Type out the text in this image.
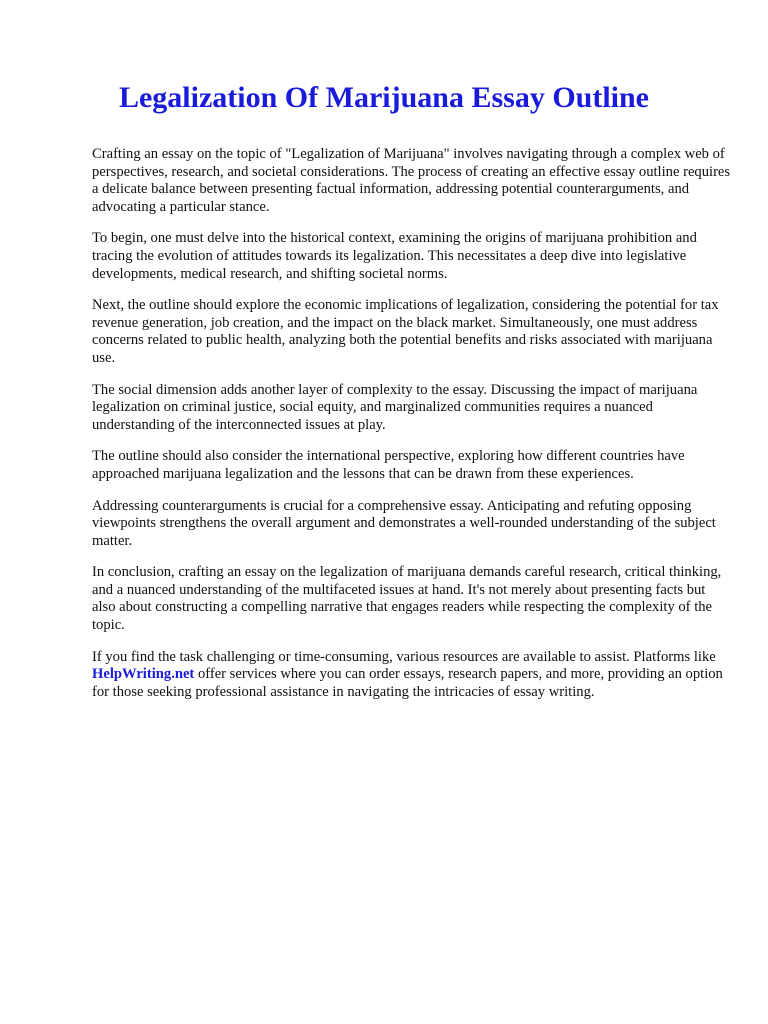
Legalization Of Marijuana Essay Outline

Crafting an essay on the topic of "Legalization of Marijuana" involves navigating through a complex web of perspectives, research, and societal considerations. The process of creating an effective essay outline requires a delicate balance between presenting factual information, addressing potential counterarguments, and advocating a particular stance.

To begin, one must delve into the historical context, examining the origins of marijuana prohibition and tracing the evolution of attitudes towards its legalization. This necessitates a deep dive into legislative developments, medical research, and shifting societal norms.

Next, the outline should explore the economic implications of legalization, considering the potential for tax revenue generation, job creation, and the impact on the black market. Simultaneously, one must address concerns related to public health, analyzing both the potential benefits and risks associated with marijuana use.

The social dimension adds another layer of complexity to the essay. Discussing the impact of marijuana legalization on criminal justice, social equity, and marginalized communities requires a nuanced understanding of the interconnected issues at play.

The outline should also consider the international perspective, exploring how different countries have approached marijuana legalization and the lessons that can be drawn from these experiences.

Addressing counterarguments is crucial for a comprehensive essay. Anticipating and refuting opposing viewpoints strengthens the overall argument and demonstrates a well-rounded understanding of the subject matter.

In conclusion, crafting an essay on the legalization of marijuana demands careful research, critical thinking, and a nuanced understanding of the multifaceted issues at hand. It's not merely about presenting facts but also about constructing a compelling narrative that engages readers while respecting the complexity of the topic.

If you find the task challenging or time-consuming, various resources are available to assist. Platforms like HelpWriting.net offer services where you can order essays, research papers, and more, providing an option for those seeking professional assistance in navigating the intricacies of essay writing.
